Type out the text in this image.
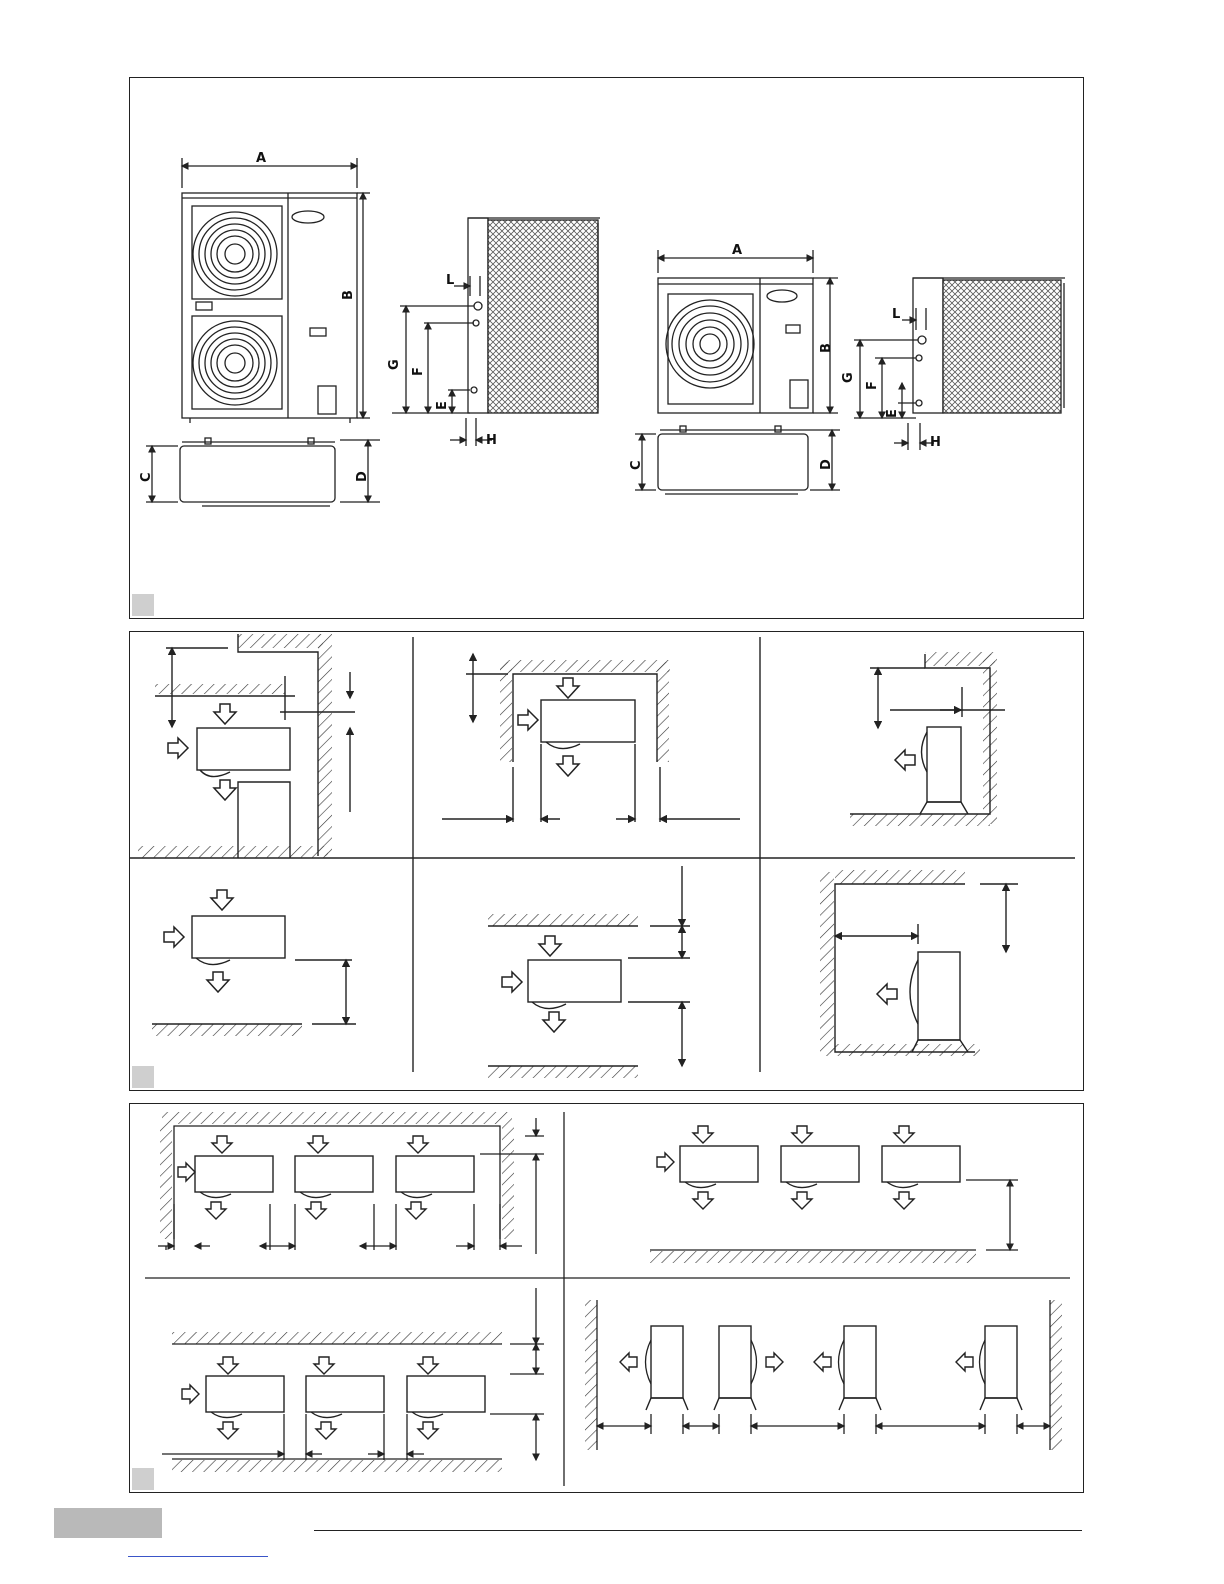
A
B
C	D
G
F
E
H
L
A
B
C	D
G
F
E
H
L
